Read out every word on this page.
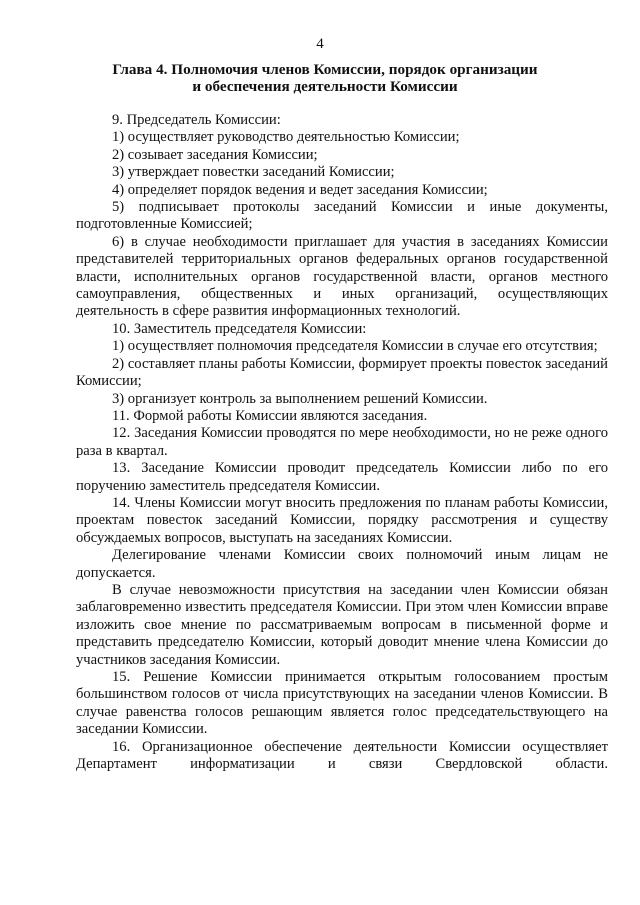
4
Глава 4. Полномочия членов Комиссии, порядок организации
и обеспечения деятельности Комиссии

9. Председатель Комиссии:

1) осуществляет руководство деятельностью Комиссии;

2) созывает заседания Комиссии;

3) утверждает повестки заседаний Комиссии;

4) определяет порядок ведения и ведет заседания Комиссии;

5) подписывает протоколы заседаний Комиссии и иные документы, подготовленные Комиссией;

6) в случае необходимости приглашает для участия в заседаниях Комиссии представителей территориальных органов федеральных органов государственной власти, исполнительных органов государственной власти, органов местного самоуправления, общественных и иных организаций, осуществляющих деятельность в сфере развития информационных технологий.

10. Заместитель председателя Комиссии:

1) осуществляет полномочия председателя Комиссии в случае его отсутствия;

2) составляет планы работы Комиссии, формирует проекты повесток заседаний Комиссии;

3) организует контроль за выполнением решений Комиссии.

11. Формой работы Комиссии являются заседания.

12. Заседания Комиссии проводятся по мере необходимости, но не реже одного раза в квартал.

13. Заседание Комиссии проводит председатель Комиссии либо по его поручению заместитель председателя Комиссии.

14. Члены Комиссии могут вносить предложения по планам работы Комиссии, проектам повесток заседаний Комиссии, порядку рассмотрения и существу обсуждаемых вопросов, выступать на заседаниях Комиссии.

Делегирование членами Комиссии своих полномочий иным лицам не допускается.

В случае невозможности присутствия на заседании член Комиссии обязан заблаговременно известить председателя Комиссии. При этом член Комиссии вправе изложить свое мнение по рассматриваемым вопросам в письменной форме и представить председателю Комиссии, который доводит мнение члена Комиссии до участников заседания Комиссии.

15. Решение Комиссии принимается открытым голосованием простым большинством голосов от числа присутствующих на заседании членов Комиссии. В случае равенства голосов решающим является голос председательствующего на заседании Комиссии.

16. Организационное обеспечение деятельности Комиссии осуществляет Департамент информатизации и связи Свердловской области.
